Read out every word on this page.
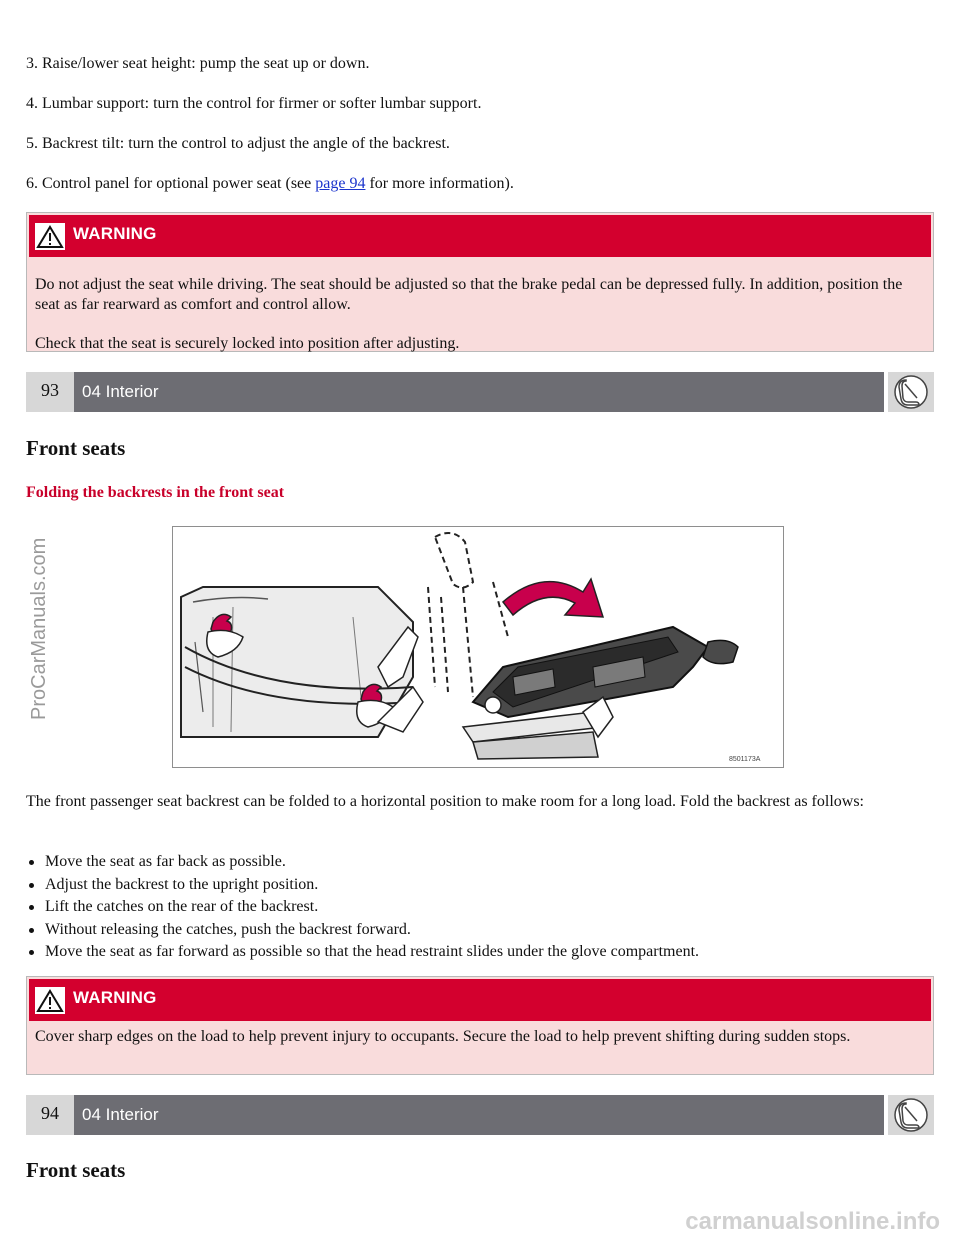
3. Raise/lower seat height: pump the seat up or down.

4. Lumbar support: turn the control for firmer or softer lumbar support.

5. Backrest tilt: turn the control to adjust the angle of the backrest.

6. Control panel for optional power seat (see page 94 for more information).

WARNING

Do not adjust the seat while driving. The seat should be adjusted so that the brake pedal can be depressed fully. In addition, position the seat as far rearward as comfort and control allow.

Check that the seat is securely locked into position after adjusting.

93	04 Interior
Front seats
Folding the backrests in the front seat
8501173A

The front passenger seat backrest can be folded to a horizontal position to make room for a long load. Fold the backrest as follows:

Move the seat as far back as possible.
Adjust the backrest to the upright position.
Lift the catches on the rear of the backrest.
Without releasing the catches, push the backrest forward.
Move the seat as far forward as possible so that the head restraint slides under the glove compartment.
WARNING

Cover sharp edges on the load to help prevent injury to occupants. Secure the load to help prevent shifting during sudden stops.

94	04 Interior
Front seats
ProCarManuals.com
carmanualsonline.info
